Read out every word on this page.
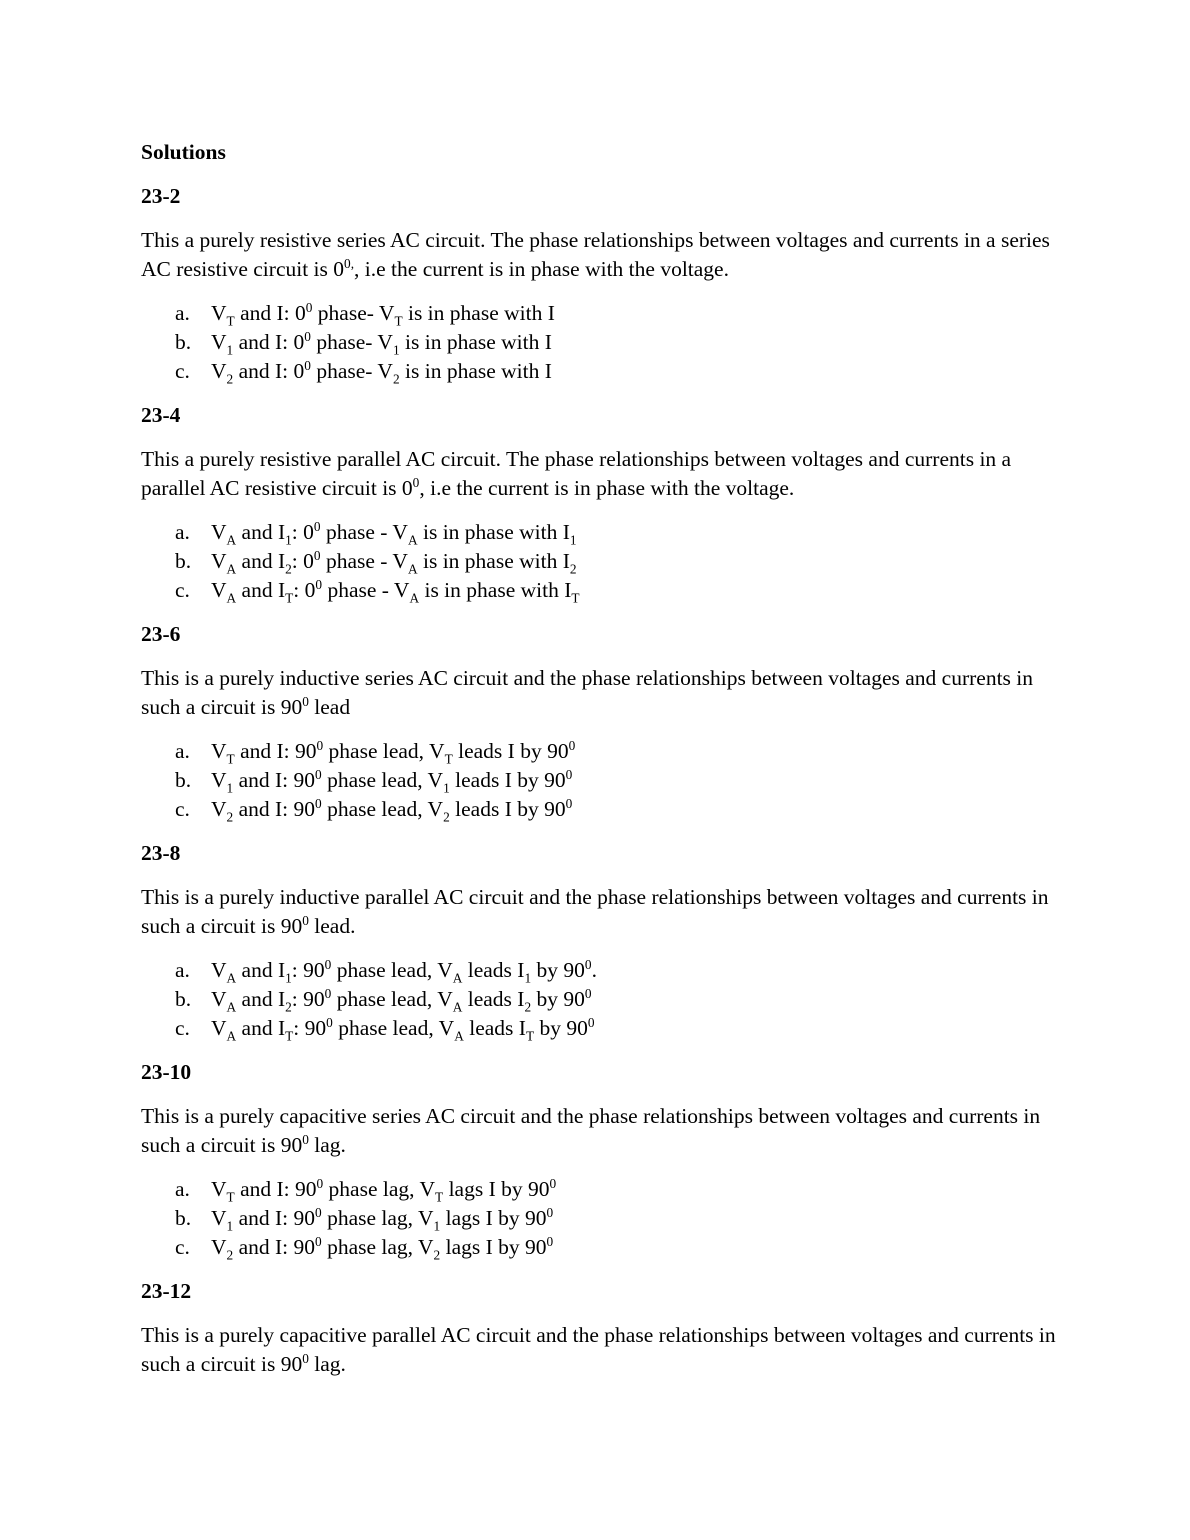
Solutions
23-2
This a purely resistive series AC circuit. The phase relationships between voltages and currents in a series AC resistive circuit is $0^{0,}$, i.e the current is in phase with the voltage.
a. $V_T$ and I: $0^0$ phase- $V_T$ is in phase with I
b. $V_1$ and I: $0^0$ phase- $V_1$ is in phase with I
c. $V_2$ and I: $0^0$ phase- $V_2$ is in phase with I
23-4
This a purely resistive parallel AC circuit. The phase relationships between voltages and currents in a parallel AC resistive circuit is $0^0$, i.e the current is in phase with the voltage.
a. $V_A$ and $I_1$: $0^0$ phase - $V_A$ is in phase with $I_1$
b. $V_A$ and $I_2$: $0^0$ phase - $V_A$ is in phase with $I_2$
c. $V_A$ and $I_T$: $0^0$ phase - $V_A$ is in phase with $I_T$
23-6
This is a purely inductive series AC circuit and the phase relationships between voltages and currents in such a circuit is $90^0$ lead
a. $V_T$ and I: $90^0$ phase lead, $V_T$ leads I by $90^0$
b. $V_1$ and I: $90^0$ phase lead, $V_1$ leads I by $90^0$
c. $V_2$ and I: $90^0$ phase lead, $V_2$ leads I by $90^0$
23-8
This is a purely inductive parallel AC circuit and the phase relationships between voltages and currents in such a circuit is $90^0$ lead.
a. $V_A$ and $I_1$: $90^0$ phase lead, $V_A$ leads $I_1$ by $90^0$.
b. $V_A$ and $I_2$: $90^0$ phase lead, $V_A$ leads $I_2$ by $90^0$
c. $V_A$ and $I_T$: $90^0$ phase lead, $V_A$ leads $I_T$ by $90^0$
23-10
This is a purely capacitive series AC circuit and the phase relationships between voltages and currents in such a circuit is $90^0$ lag.
a. $V_T$ and I: $90^0$ phase lag, $V_T$ lags I by $90^0$
b. $V_1$ and I: $90^0$ phase lag, $V_1$ lags I by $90^0$
c. $V_2$ and I: $90^0$ phase lag, $V_2$ lags I by $90^0$
23-12
This is a purely capacitive parallel AC circuit and the phase relationships between voltages and currents in such a circuit is $90^0$ lag.
